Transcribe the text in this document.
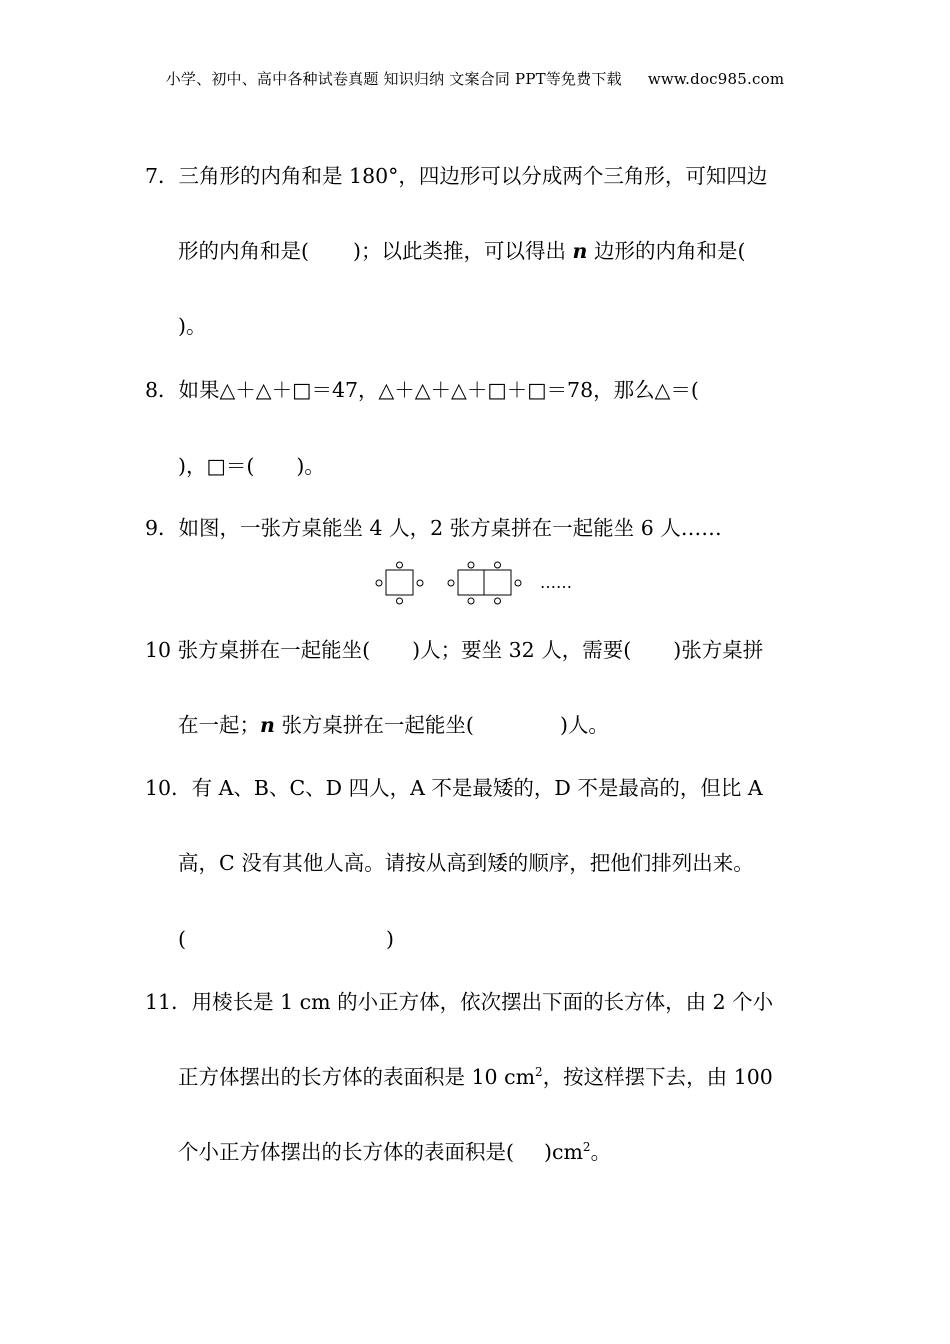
小学、初中、高中各种试卷真题 知识归纳 文案合同 PPT等免费下载 www.doc985.com
7．三角形的内角和是 180°，四边形可以分成两个三角形，可知四边
形的内角和是( )；以此类推，可以得出 n 边形的内角和是(
)。
8．如果△＋△＋□＝47，△＋△＋△＋□＋□＝78，那么△＝(
)，□＝( )。
9．如图，一张方桌能坐 4 人，2 张方桌拼在一起能坐 6 人……
……
10 张方桌拼在一起能坐( )人；要坐 32 人，需要( )张方桌拼
在一起；n 张方桌拼在一起能坐(	)人。
10．有 A、B、C、D 四人，A 不是最矮的，D 不是最高的，但比 A
高，C 没有其他人高。请按从高到矮的顺序，把他们排列出来。
(	)
11．用棱长是 1 cm 的小正方体，依次摆出下面的长方体，由 2 个小
正方体摆出的长方体的表面积是 10 $cm^2$，按这样摆下去，由 100
个小正方体摆出的长方体的表面积是( )$cm^2$。
